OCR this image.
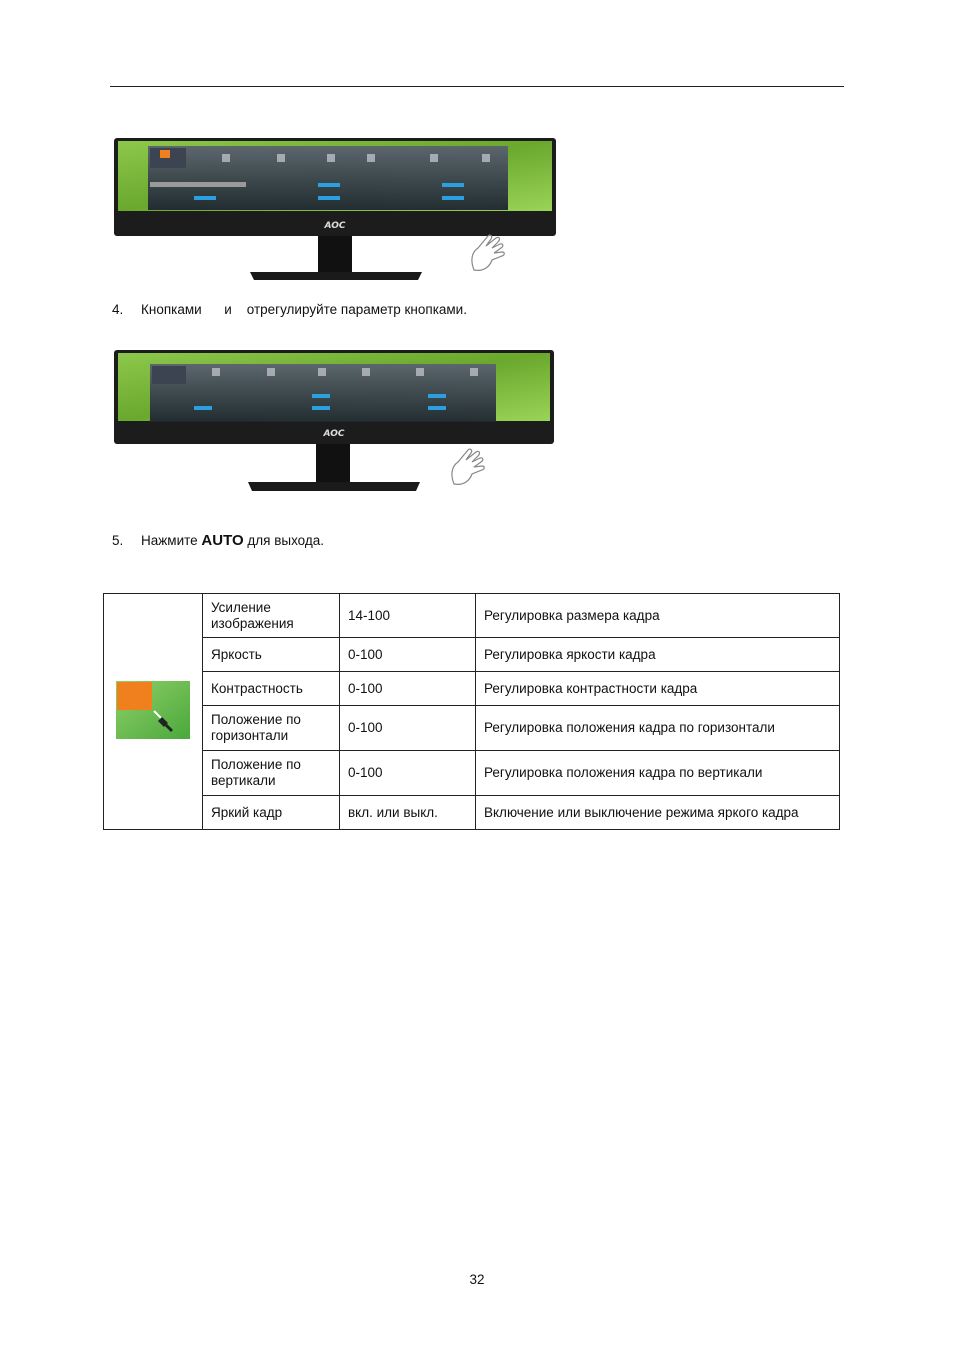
AOC
4. Кнопками и отрегулируйте параметр кнопками.
AOC
5. Нажмите AUTO для выхода.
	Усиление изображения	14-100	Регулировка размера кадра
	Яркость	0-100	Регулировка яркости кадра
	Контрастность	0-100	Регулировка контрастности кадра
	Положение по горизонтали	0-100	Регулировка положения кадра по горизонтали
	Положение по вертикали	0-100	Регулировка положения кадра по вертикали
	Яркий кадр	вкл. или выкл.	Включение или выключение режима яркого кадра
32
